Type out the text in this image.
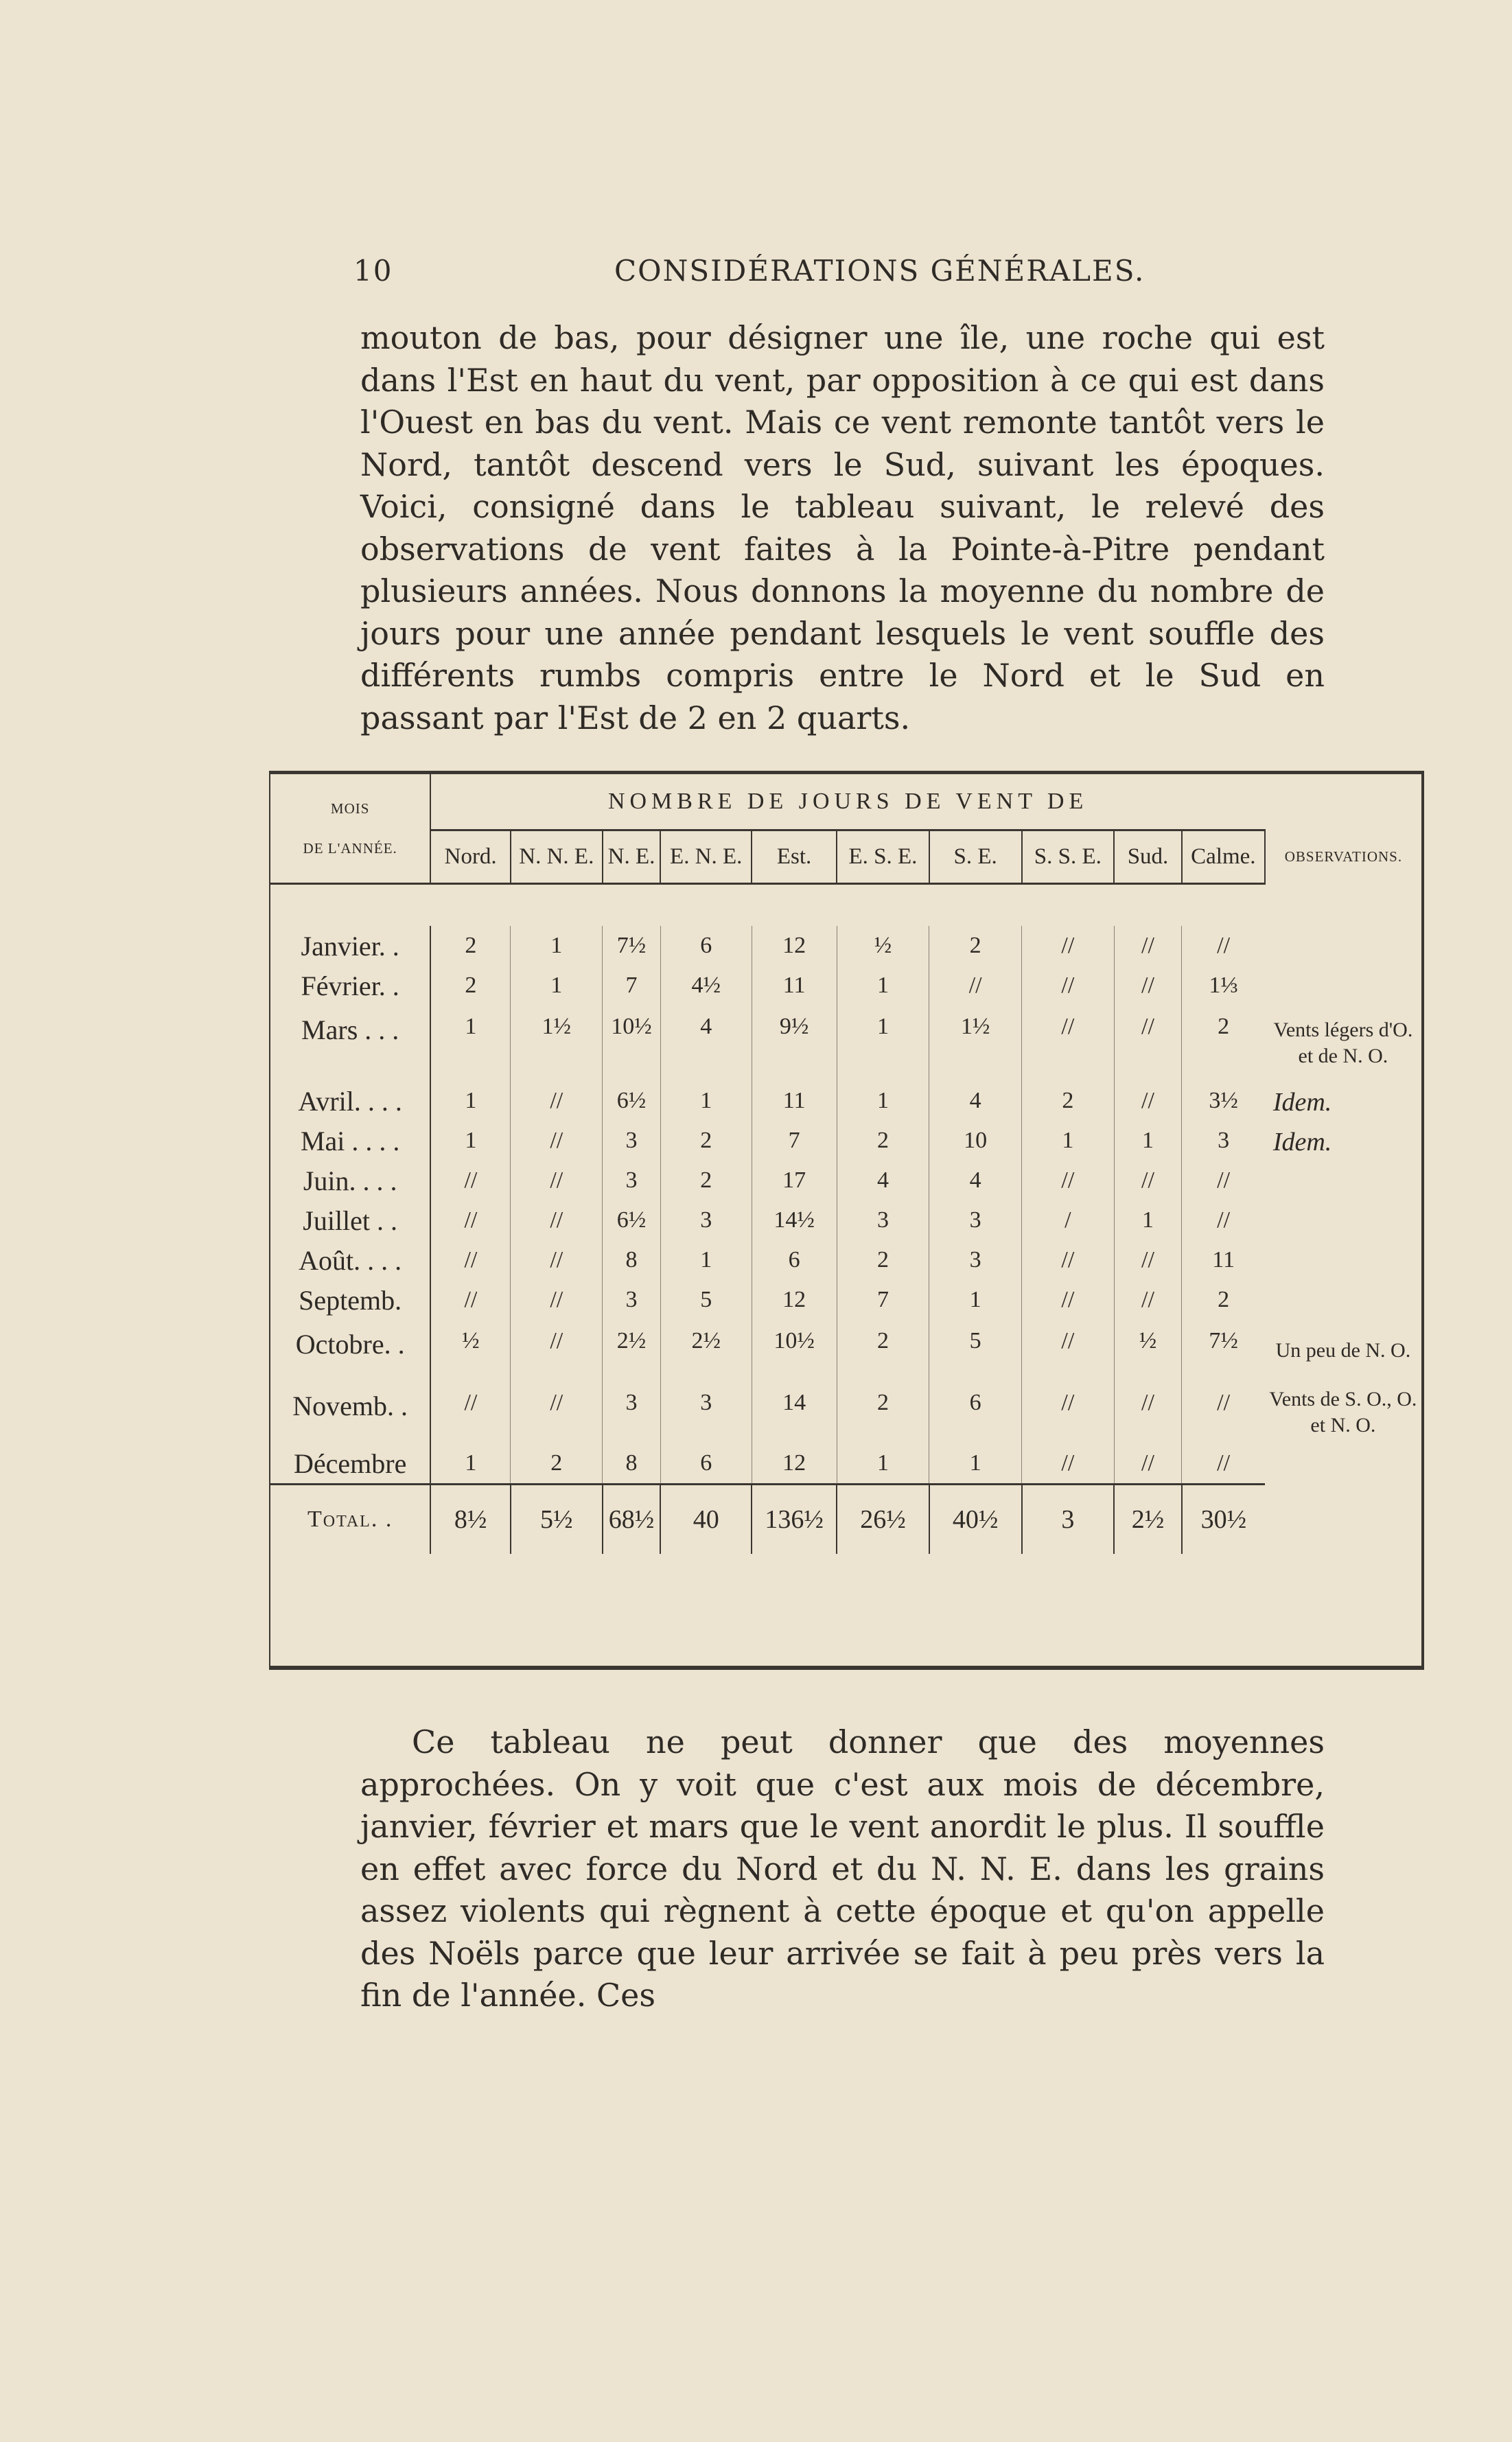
10	CONSIDÉRATIONS GÉNÉRALES.
mouton de bas, pour désigner une île, une roche qui est dans l'Est en haut du vent, par opposition à ce qui est dans l'Ouest en bas du vent. Mais ce vent remonte tantôt vers le Nord, tantôt descend vers le Sud, suivant les époques. Voici, consigné dans le tableau suivant, le relevé des observations de vent faites à la Pointe-à-Pitre pendant plusieurs années. Nous donnons la moyenne du nombre de jours pour une année pendant lesquels le vent souffle des différents rumbs compris entre le Nord et le Sud en passant par l'Est de 2 en 2 quarts.
MOIS
DE L'ANNÉE.	NOMBRE DE JOURS DE VENT DE										
	Nord.	N. N. E.	N. E.	E. N. E.	Est.	E. S. E.	S. E.	S. S. E.	Sud.	Calme.	OBSERVATIONS.

Janvier. .	2	1	7½	6	12	½	2	//	//	//	
Février. .	2	1	7	4½	11	1	//	//	//	1⅓	
Mars . . .	1	1½	10½	4	9½	1	1½	//	//	2	Vents légers d'O. et de N. O.
Avril. . . .	1	//	6½	1	11	1	4	2	//	3½	Idem.
Mai . . . .	1	//	3	2	7	2	10	1	1	3	Idem.
Juin. . . .	//	//	3	2	17	4	4	//	//	//	
Juillet . .	//	//	6½	3	14½	3	3	/	1	//	
Août. . . .	//	//	8	1	6	2	3	//	//	11	
Septemb.	//	//	3	5	12	7	1	//	//	2	
Octobre. .	½	//	2½	2½	10½	2	5	//	½	7½	Un peu de N. O.
Novemb. .	//	//	3	3	14	2	6	//	//	//	Vents de S. O., O. et N. O.
Décembre	1	2	8	6	12	1	1	//	//	//	
Total. .	8½	5½	68½	40	136½	26½	40½	3	2½	30½	
Ce tableau ne peut donner que des moyennes approchées. On y voit que c'est aux mois de décembre, janvier, février et mars que le vent anordit le plus. Il souffle en effet avec force du Nord et du N. N. E. dans les grains assez violents qui règnent à cette époque et qu'on appelle des Noëls parce que leur arrivée se fait à peu près vers la fin de l'année. Ces
